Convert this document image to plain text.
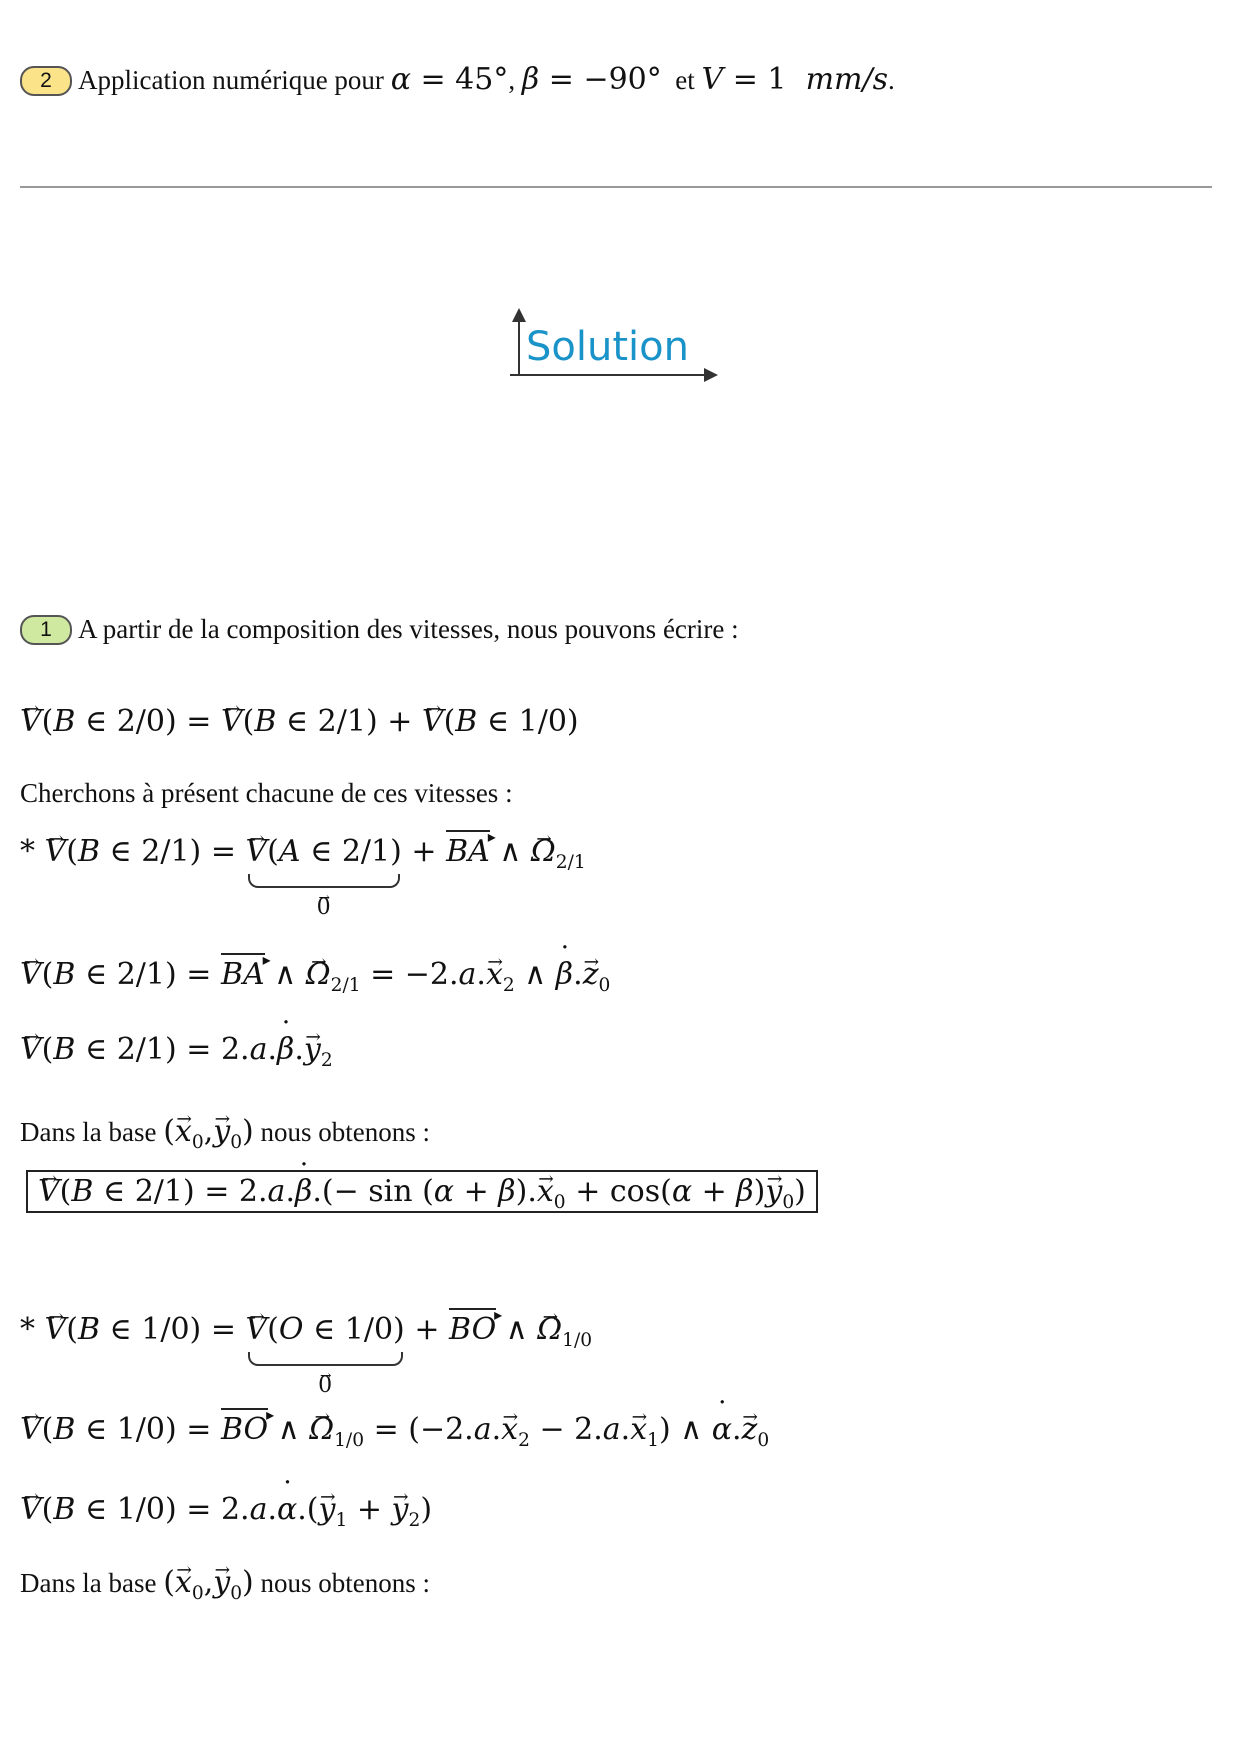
2 Application numérique pour α = 45°, β = −90° et V = 1 mm/s.
Solution
1 A partir de la composition des vitesses, nous pouvons écrire :
→ V(B ∈ 2/0) = → V(B ∈ 2/1) + → V(B ∈ 1/0)
Cherchons à présent chacune de ces vitesses :
* → V(B ∈ 2/1) = → V(A ∈ 2/1)
→ 0
+ BA ▸ ∧ → $\Omega_{2/1}$
→ V(B ∈ 2/1) = BA ▸ ∧ → $\Omega_{2/1} = -2.a.\to x_2$ ∧ ˙ $\beta.\to z_0$
→ V(B ∈ 2/1) = 2.a.˙ $\beta.\to y_2$
Dans la base (→ $x_0,\to y_0$) nous obtenons :
→ V(B ∈ 2/1) = 2.a.˙ $\beta.(- \sin (\alpha + \beta).\to x_0 + \cos(\alpha + \beta)\to y_0)$
* → V(B ∈ 1/0) = → V(O ∈ 1/0)
→ 0
+ BO ▸ ∧ → $\Omega_{1/0}$
→ V(B ∈ 1/0) = BO ▸ ∧ → $\Omega_{1/0} = (-2.a.\to x_2 - 2.a.\to x_1)$ ∧ ˙ $\alpha.\to z_0$
→ V(B ∈ 1/0) = 2.a.˙ $\alpha.(\to y_1$ + → $y_2$)
Dans la base (→ $x_0,\to y_0$) nous obtenons :
